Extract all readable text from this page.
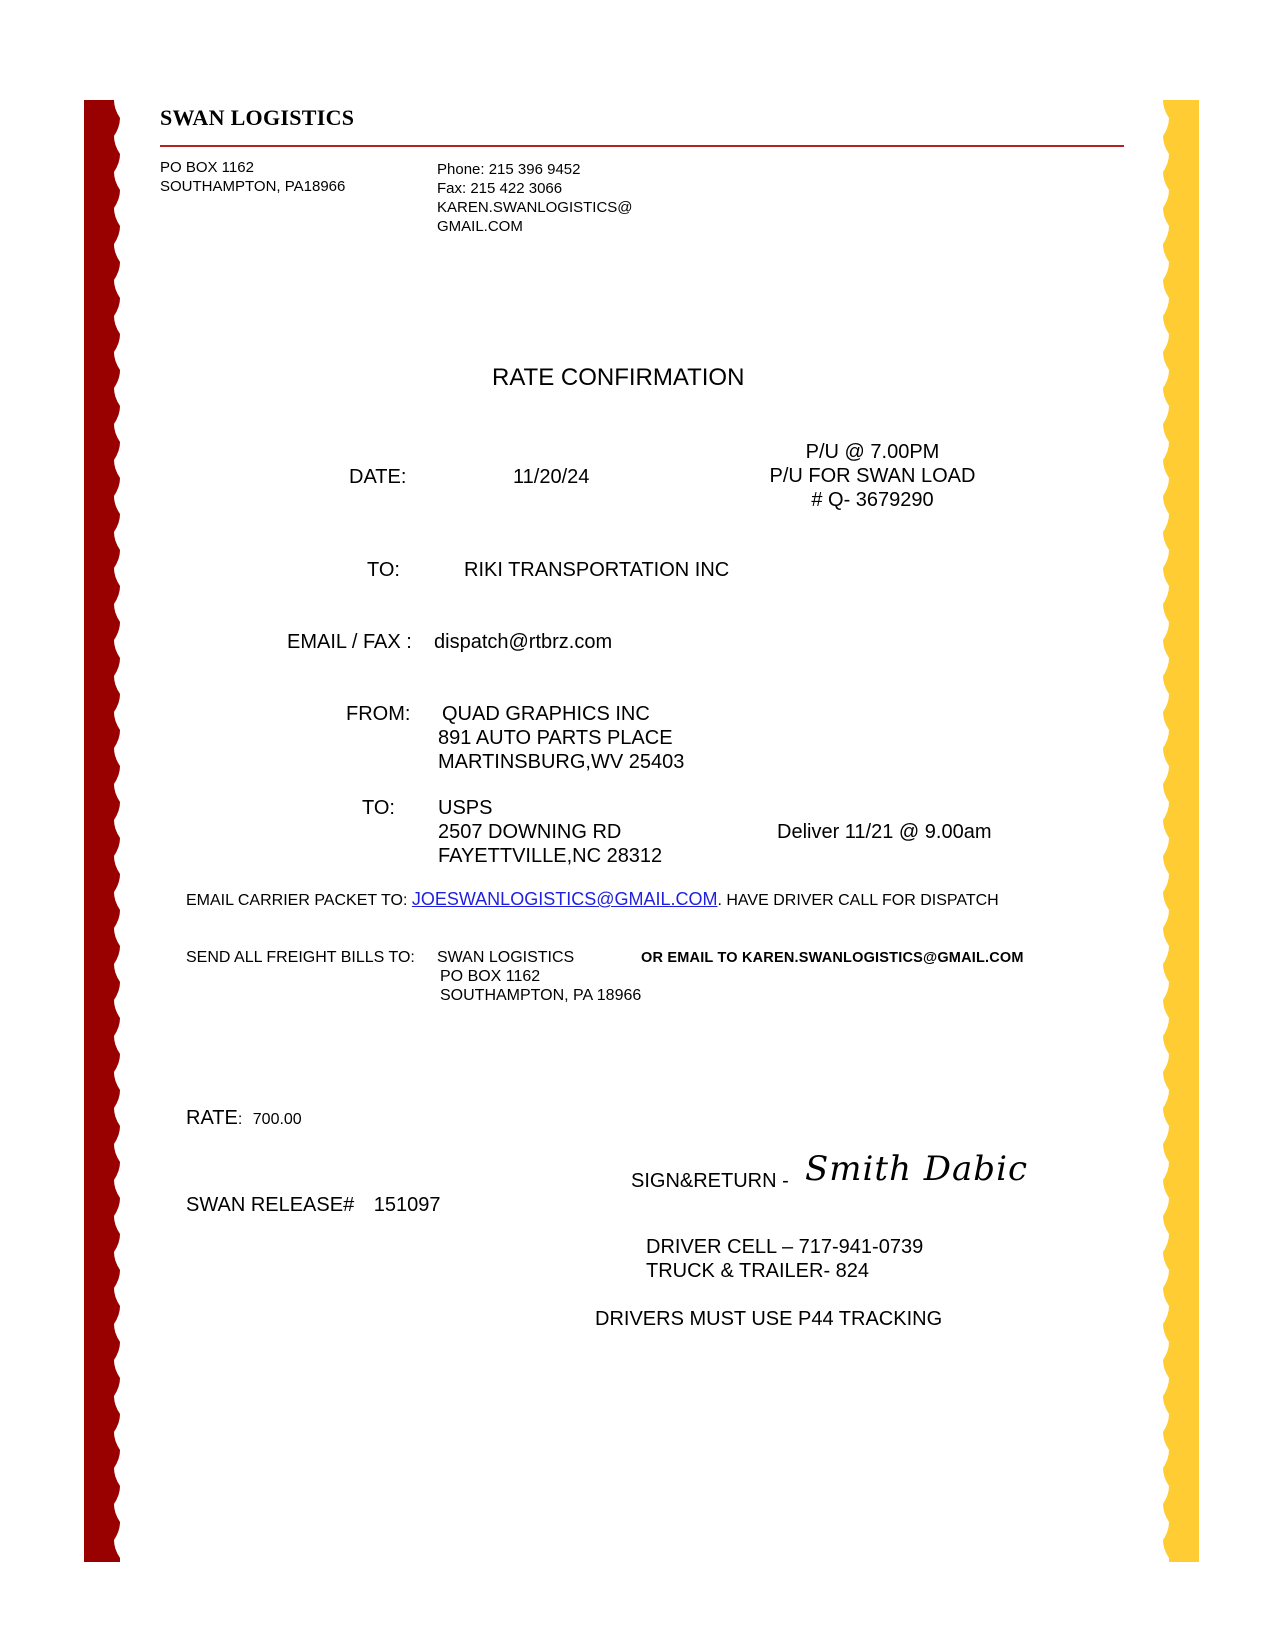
SWAN LOGISTICS
PO BOX 1162
SOUTHAMPTON, PA18966
Phone: 215 396 9452
Fax: 215 422 3066
KAREN.SWANLOGISTICS@
GMAIL.COM
RATE CONFIRMATION
DATE:	11/20/24
P/U @ 7.00PM
P/U FOR SWAN LOAD
# Q- 3679290
TO:	RIKI TRANSPORTATION INC
EMAIL / FAX : dispatch@rtbrz.com
FROM: QUAD GRAPHICS INC
891 AUTO PARTS PLACE
MARTINSBURG,WV 25403
TO: USPS
2507 DOWNING RD
FAYETTVILLE,NC 28312
Deliver 11/21 @ 9.00am
EMAIL CARRIER PACKET TO: JOESWANLOGISTICS@GMAIL.COM. HAVE DRIVER CALL FOR DISPATCH
SEND ALL FREIGHT BILLS TO: SWAN LOGISTICS
PO BOX 1162
SOUTHAMPTON, PA 18966
OR EMAIL TO KAREN.SWANLOGISTICS@GMAIL.COM
RATE: 700.00
SIGN&RETURN - Smith Dabic
SWAN RELEASE# 151097
DRIVER CELL – 717-941-0739
TRUCK & TRAILER- 824
DRIVERS MUST USE P44 TRACKING
